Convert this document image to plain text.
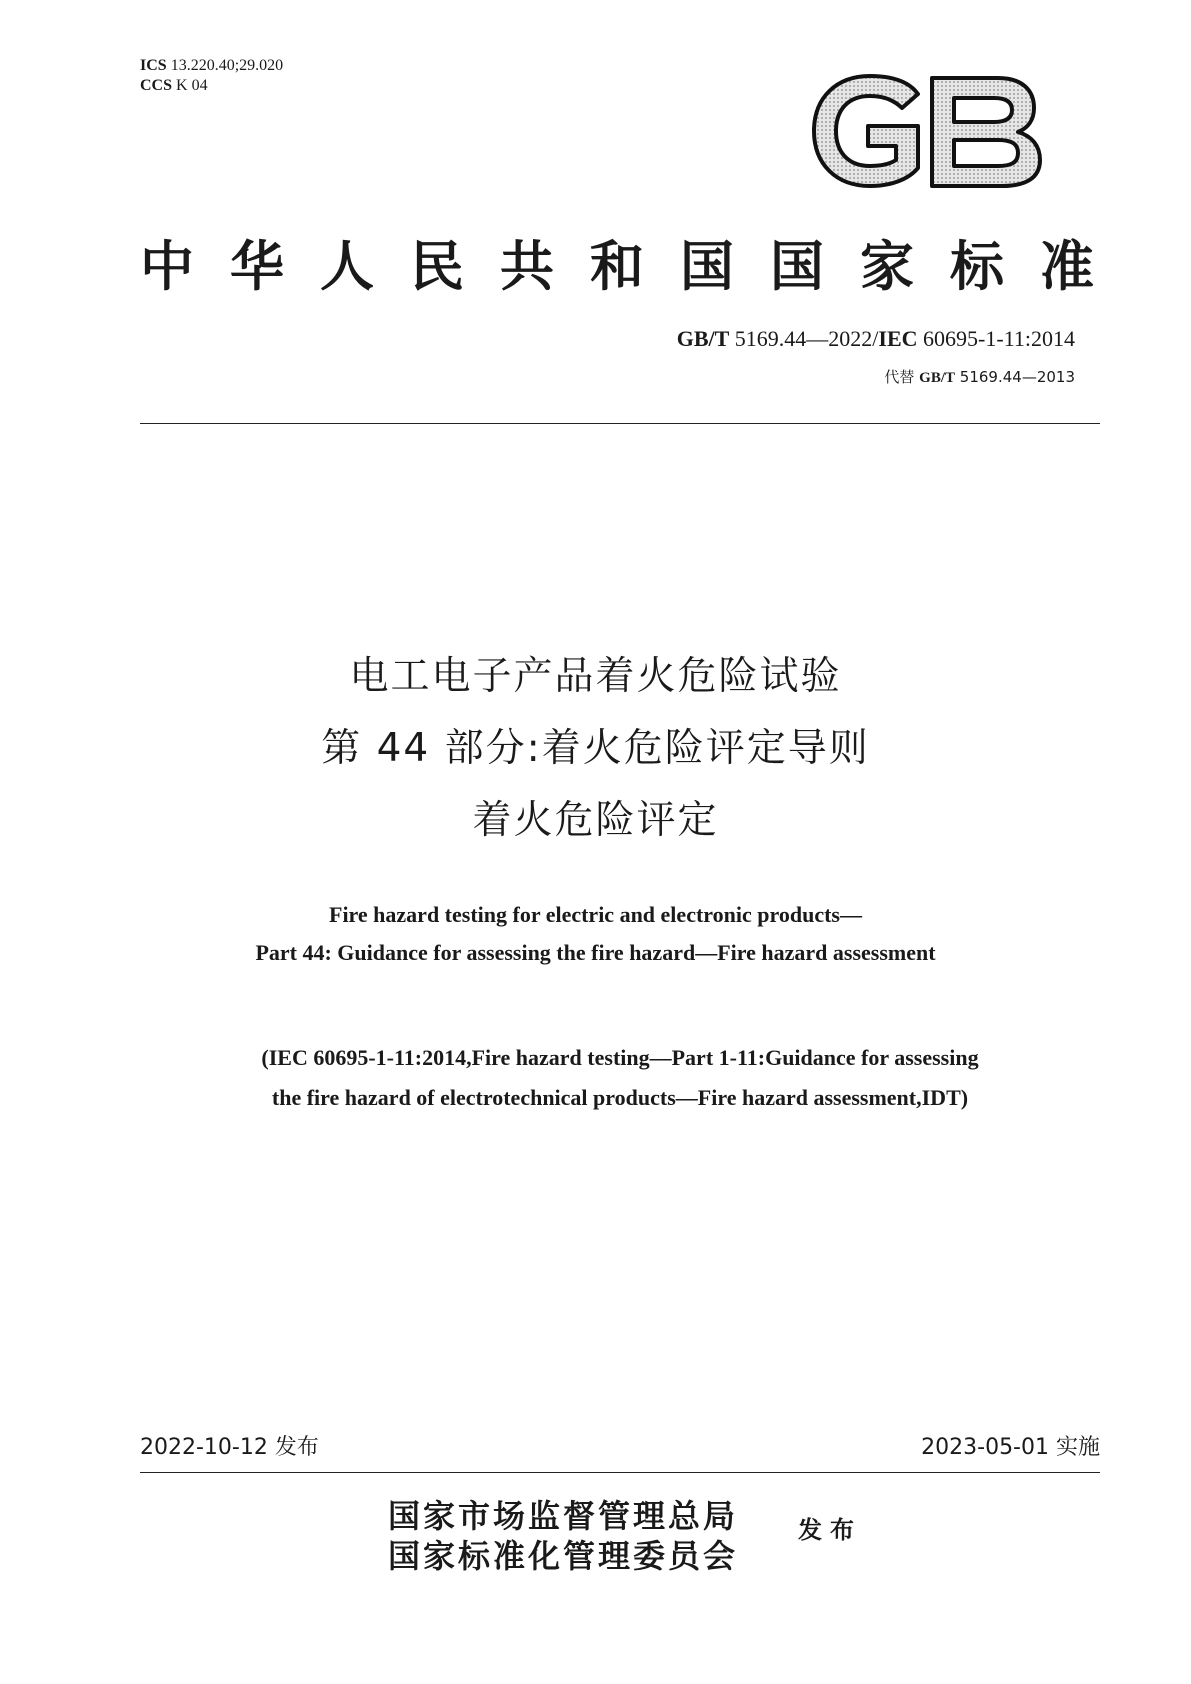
ICS 13.220.40;29.020
CCS K 04
GB
中华人民共和国国家标准
GB/T 5169.44—2022/IEC 60695-1-11:2014
代替 GB/T 5169.44—2013
电工电子产品着火危险试验
第 44 部分:着火危险评定导则
着火危险评定
Fire hazard testing for electric and electronic products—
Part 44: Guidance for assessing the fire hazard—Fire hazard assessment
(IEC 60695-1-11:2014,Fire hazard testing—Part 1-11:Guidance for assessing
the fire hazard of electrotechnical products—Fire hazard assessment,IDT)
2022-10-12 发布	2023-05-01 实施
国家市场监督管理总局
国家标准化管理委员会
发布
